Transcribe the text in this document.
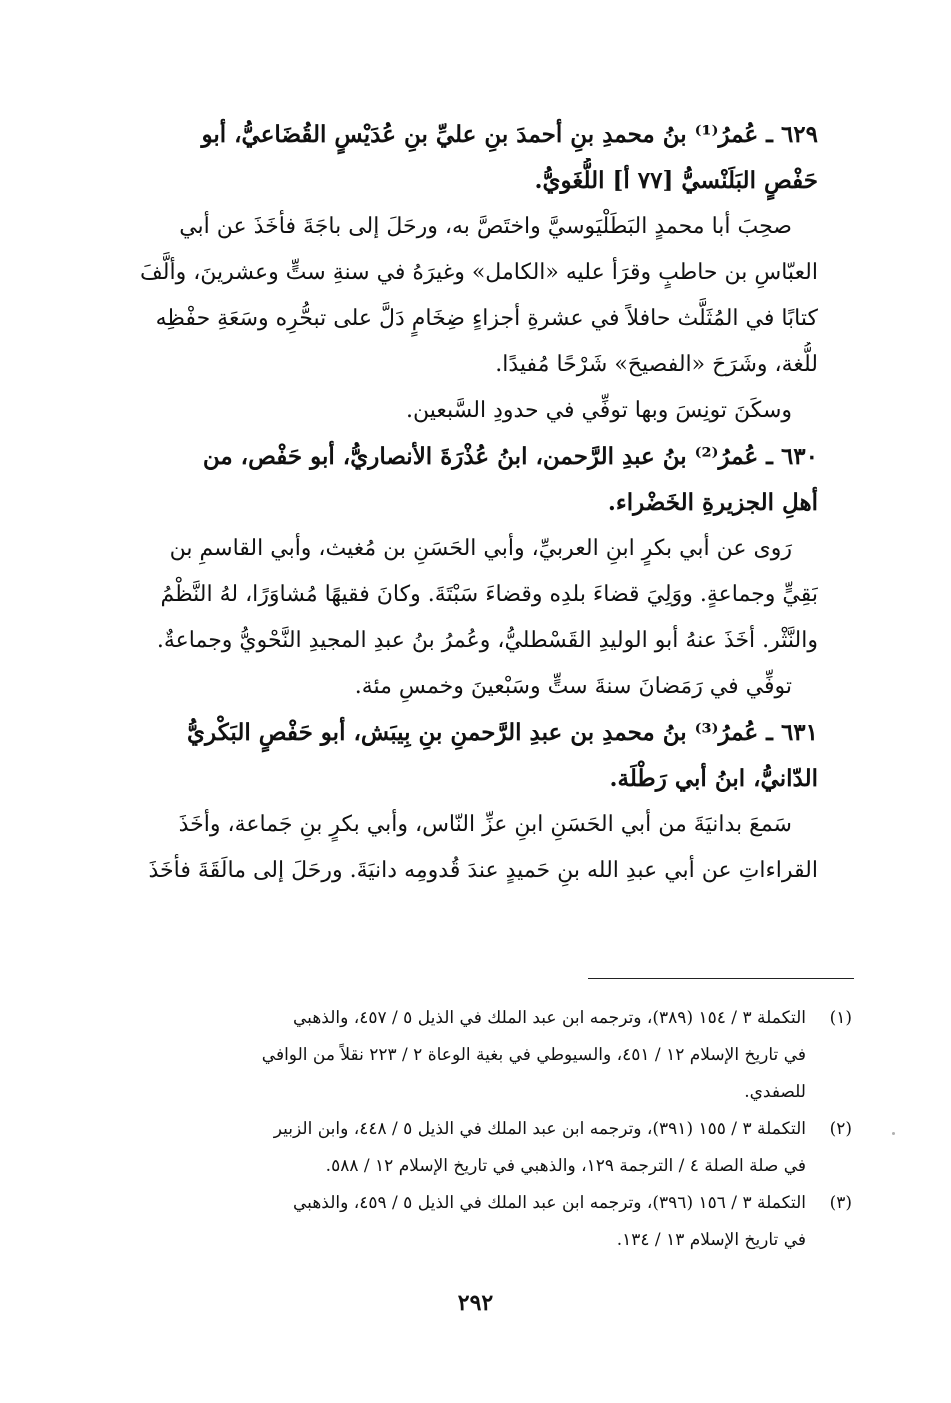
٦٢٩ ـ عُمرُ⁽¹⁾ بنُ محمدِ بنِ أحمدَ بنِ عليِّ بنِ عُدَيْسٍ القُضَاعيُّ، أبو
حَفْصٍ البَلَنْسيُّ [٧٧ أ] اللُّغَويُّ.
صحِبَ أبا محمدٍ البَطَلْيَوسيَّ واختَصَّ به، ورحَلَ إلى باجَةَ فأخَذَ عن أبي
العبّاسِ بن حاطبٍ وقرَأ عليه «الكامل» وغيرَهُ في سنةِ ستٍّ وعشرينَ، وألَّفَ
كتابًا في المُثَلَّث حافلاً في عشرةِ أجزاءٍ ضِخَامٍ دَلَّ على تبحُّرِه وسَعَةِ حفْظِه
للُّغة، وشَرَحَ «الفصيحَ» شَرْحًا مُفيدًا.
وسكَنَ تونِسَ وبها توفِّي في حدودِ السَّبعين.
٦٣٠ ـ عُمرُ⁽²⁾ بنُ عبدِ الرَّحمن، ابنُ عُذْرَةَ الأنصاريُّ، أبو حَفْص، من
أهلِ الجزيرةِ الخَضْراء.
رَوى عن أبي بكرٍ ابنِ العربيِّ، وأبي الحَسَنِ بن مُغيث، وأبي القاسمِ بن
بَقِيٍّ وجماعةٍ. ووَلِيَ قضاءَ بلدِه وقضاءَ سَبْتَةَ. وكانَ فقيهًا مُشاوَرًا، لهُ النَّظْمُ
والنَّثْر. أخَذَ عنهُ أبو الوليدِ القَسْطليُّ، وعُمرُ بنُ عبدِ المجيدِ النَّحْويُّ وجماعةٌ.
توفِّي في رَمَضانَ سنةَ ستٍّ وسَبْعينَ وخمسِ مئة.
٦٣١ ـ عُمرُ⁽³⁾ بنُ محمدِ بن عبدِ الرَّحمنِ بنِ بِيبَش، أبو حَفْصٍ البَكْريُّ
الدّانيُّ، ابنُ أبي رَطْلَة.
سَمعَ بدانيَةَ من أبي الحَسَنِ ابنِ عزِّ النّاس، وأبي بكرٍ بنِ جَماعة، وأخَذَ
القراءاتِ عن أبي عبدِ الله بنِ حَميدٍ عندَ قُدومِه دانيَةَ. ورحَلَ إلى مالَقَةَ فأخَذَ
(١)
التكملة ٣ / ١٥٤ (٣٨٩)، وترجمه ابن عبد الملك في الذيل ٥ / ٤٥٧، والذهبي
في تاريخ الإسلام ١٢ / ٤٥١، والسيوطي في بغية الوعاة ٢ / ٢٢٣ نقلاً من الوافي
للصفدي.
(٢)
التكملة ٣ / ١٥٥ (٣٩١)، وترجمه ابن عبد الملك في الذيل ٥ / ٤٤٨، وابن الزبير
في صلة الصلة ٤ / الترجمة ١٢٩، والذهبي في تاريخ الإسلام ١٢ / ٥٨٨.
(٣)
التكملة ٣ / ١٥٦ (٣٩٦)، وترجمه ابن عبد الملك في الذيل ٥ / ٤٥٩، والذهبي
في تاريخ الإسلام ١٣ / ١٣٤.
٢٩٢
